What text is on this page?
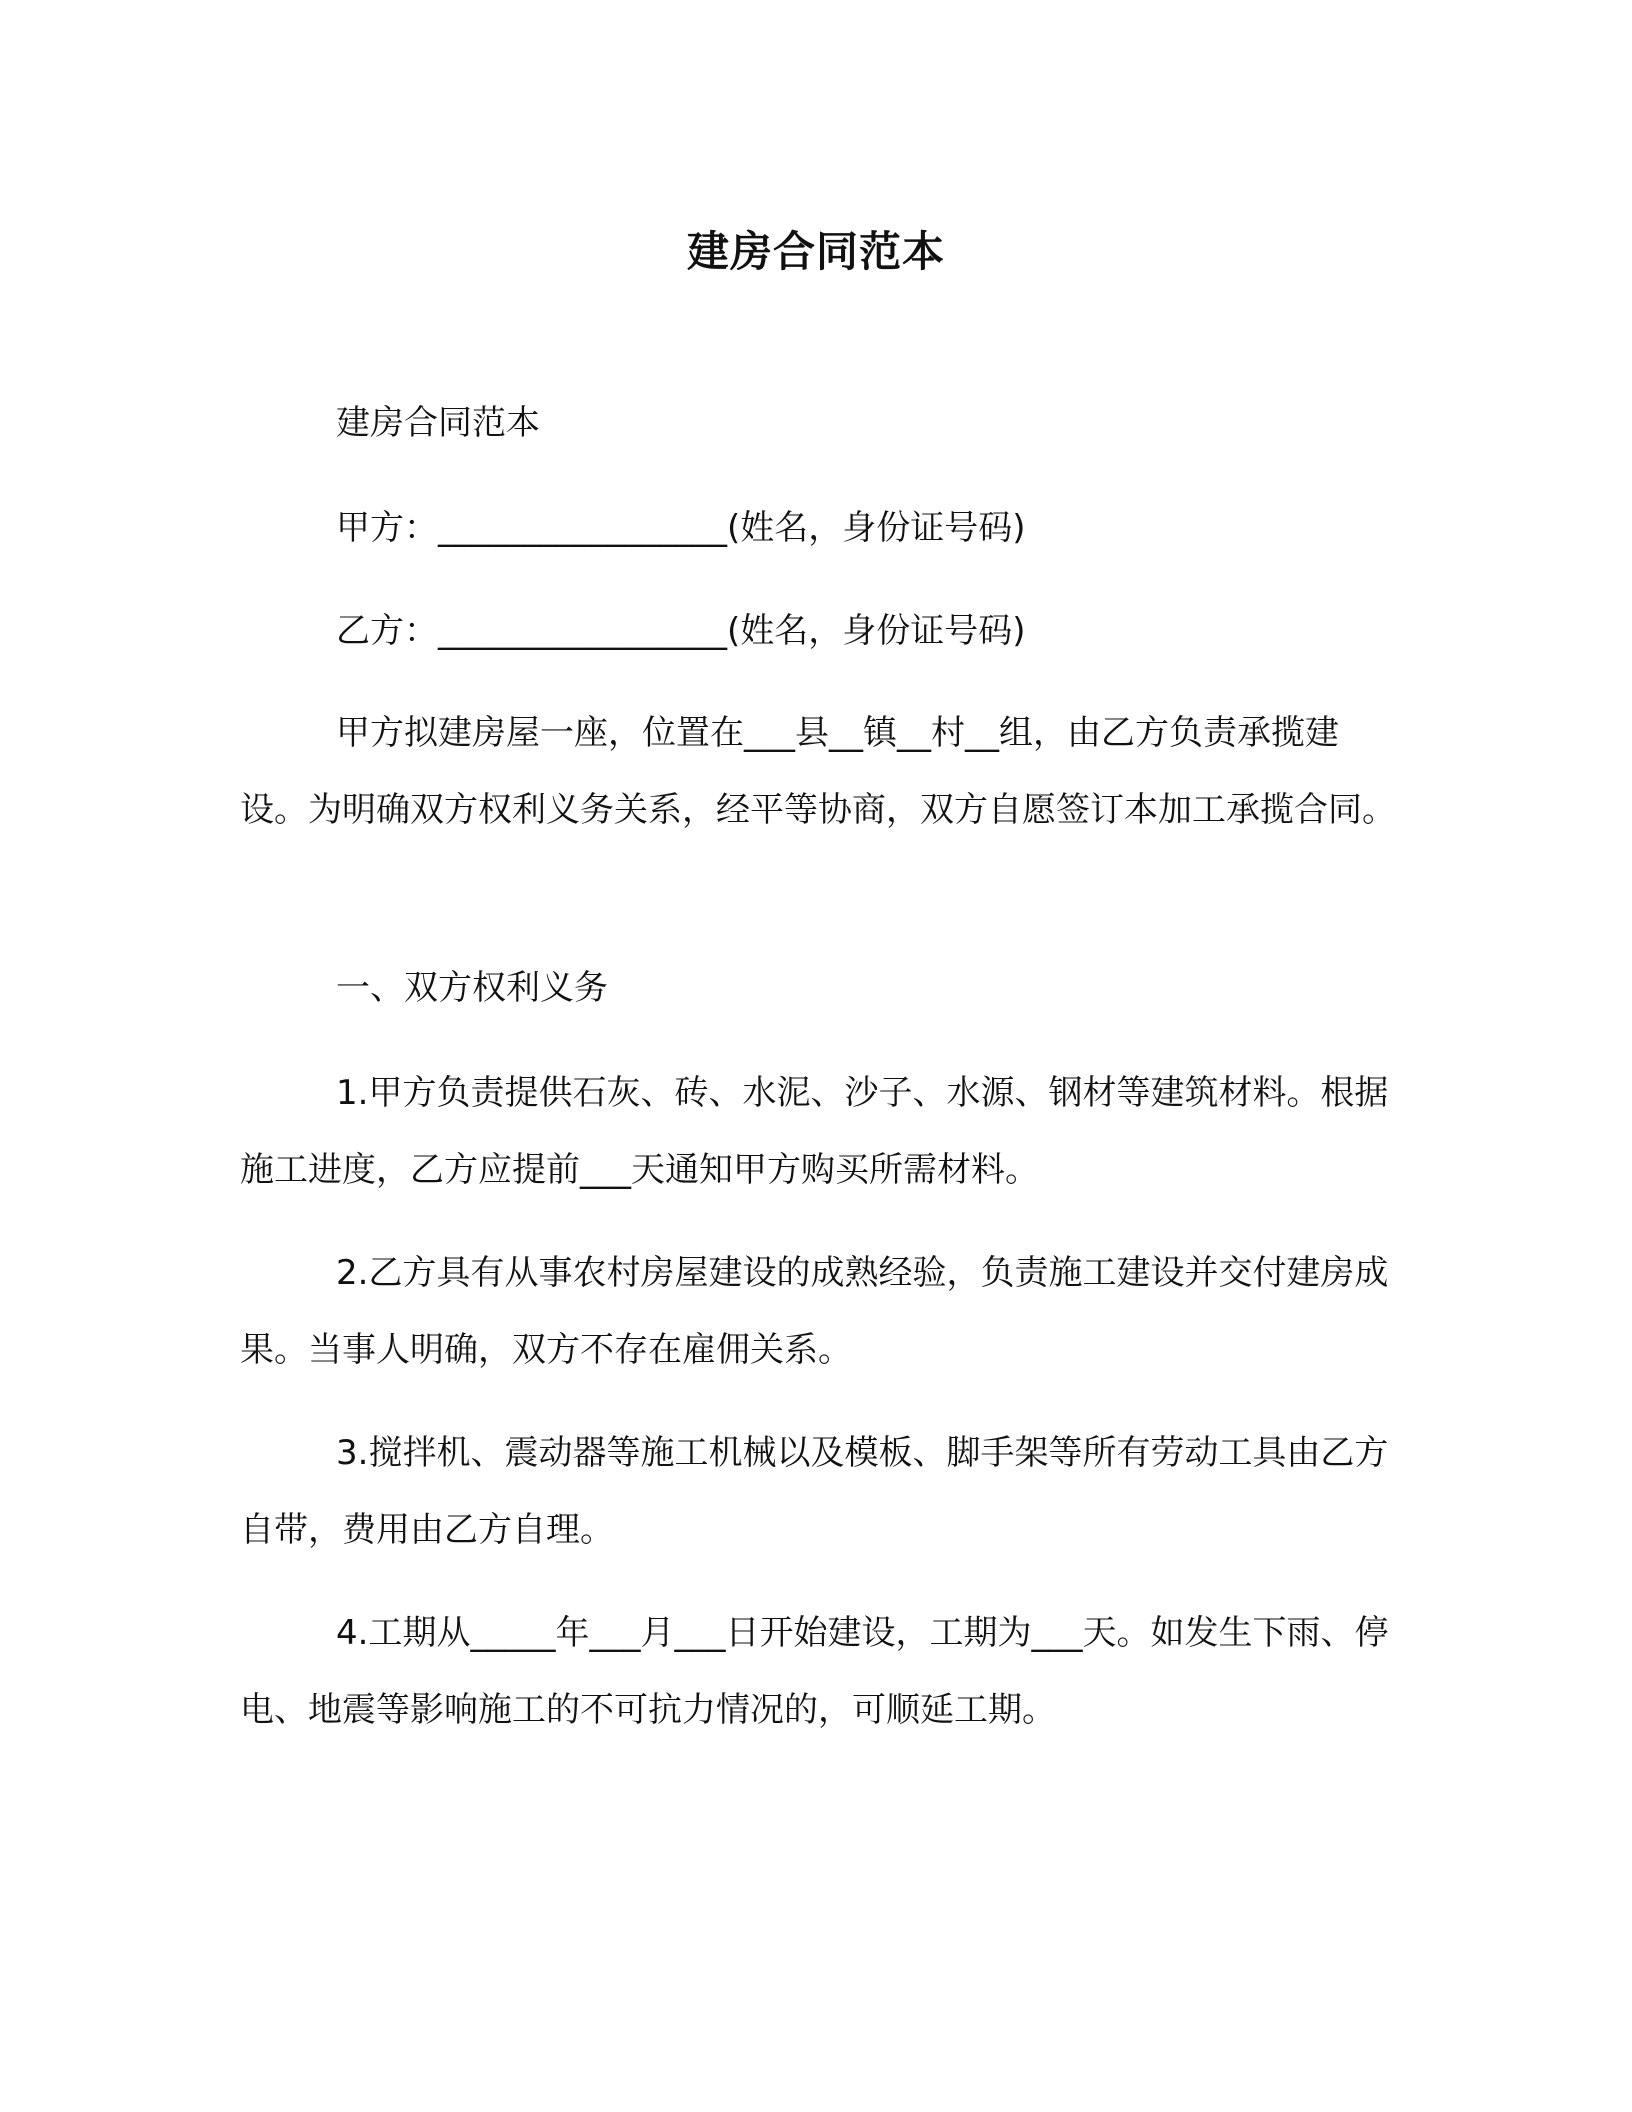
建房合同范本
建房合同范本
甲方：_________________(姓名，身份证号码)
乙方：_________________(姓名，身份证号码)
甲方拟建房屋一座，位置在___县__镇__村__组，由乙方负责承揽建设。为明确双方权利义务关系，经平等协商，双方自愿签订本加工承揽合同。
一、双方权利义务
1.甲方负责提供石灰、砖、水泥、沙子、水源、钢材等建筑材料。根据施工进度，乙方应提前___天通知甲方购买所需材料。
2.乙方具有从事农村房屋建设的成熟经验，负责施工建设并交付建房成果。当事人明确，双方不存在雇佣关系。
3.搅拌机、震动器等施工机械以及模板、脚手架等所有劳动工具由乙方自带，费用由乙方自理。
4.工期从_____年___月___日开始建设，工期为___天。如发生下雨、停电、地震等影响施工的不可抗力情况的，可顺延工期。
